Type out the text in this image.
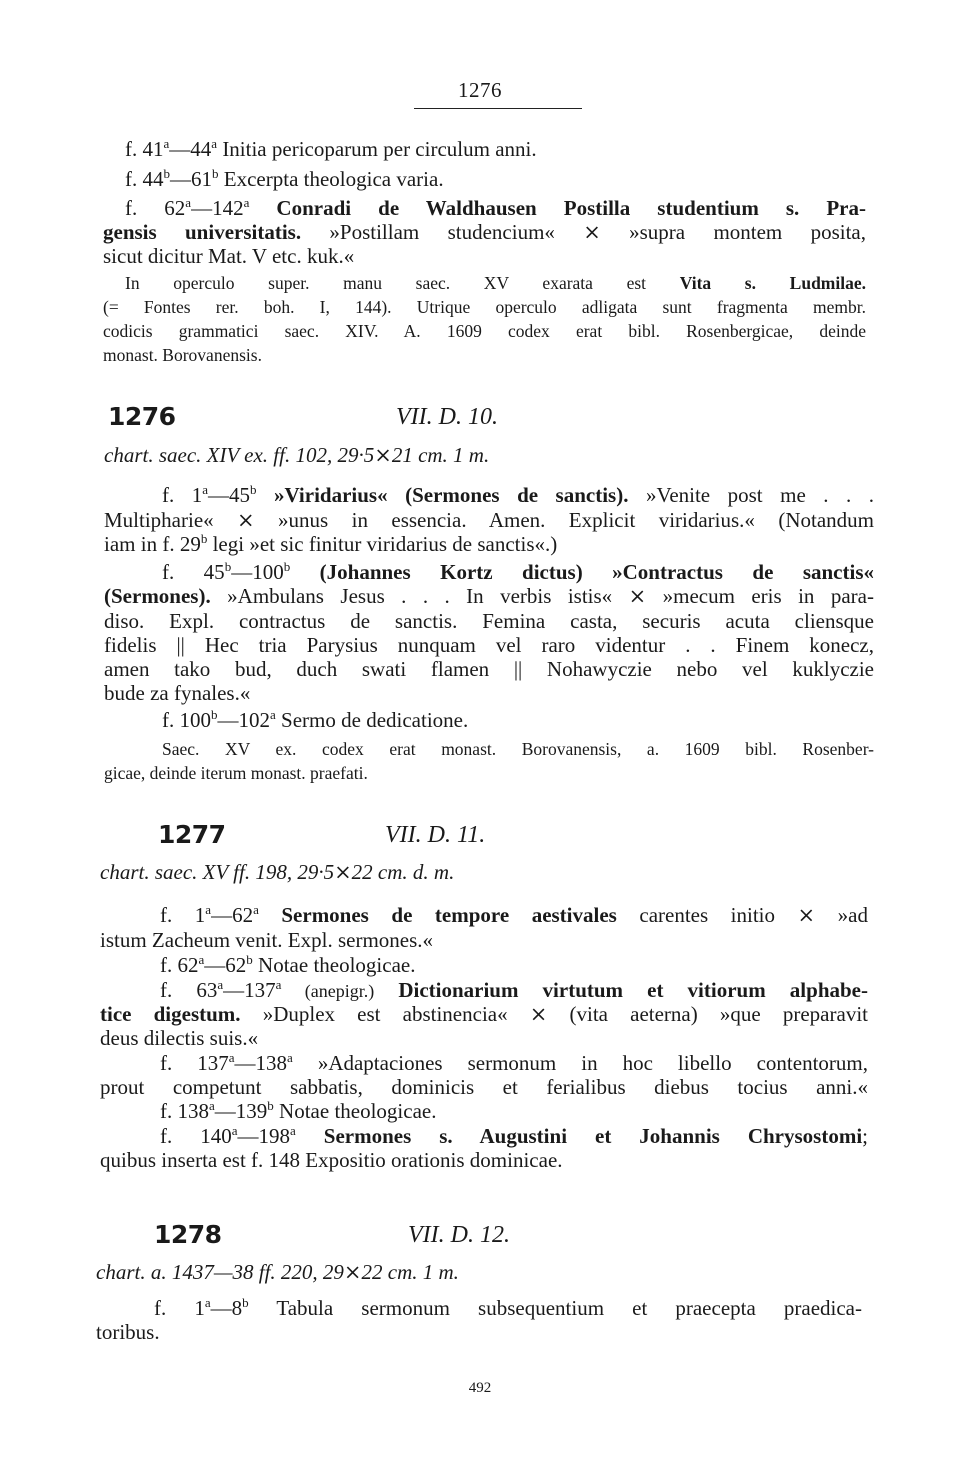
1276
f. 41$^a$—44$^a$ Initia pericoparum per circulum anni.
f. 44$^b$—61$^b$ Excerpta theologica varia.
f. 62$^a$—142$^a$ Conradi de Waldhausen Postilla studentium s. Pra-
gensis universitatis. »Postillam studencium« ⨯ »supra montem posita,
sicut dicitur Mat. V etc. kuk.«
In operculo super. manu saec. XV exarata est Vita s. Ludmilae.
(= Fontes rer. boh. I, 144). Utrique operculo adligata sunt fragmenta membr.
codicis grammatici saec. XIV. A. 1609 codex erat bibl. Rosenbergicae, deinde
monast. Borovanensis.
1276	VII. D. 10.
chart. saec. XIV ex. ff. 102, 29·5⨯21 cm. 1 m.
f. 1$^a$—45$^b$ »Viridarius« (Sermones de sanctis). »Venite post me . . .
Multipharie« ⨯ »unus in essencia. Amen. Explicit viridarius.« (Notandum
iam in f. 29$^b$ legi »et sic finitur viridarius de sanctis«.)
f. 45$^b$—100$^b$ (Johannes Kortz dictus) »Contractus de sanctis«
(Sermones). »Ambulans Jesus . . . In verbis istis« ⨯ »mecum eris in para-
diso. Expl. contractus de sanctis. Femina casta, securis acuta cliensque
fidelis || Hec tria Parysius nunquam vel raro videntur . . Finem konecz,
amen tako bud, duch swati flamen || Nohawyczie nebo vel kuklyczie
bude za fynales.«
f. 100$^b$—102$^a$ Sermo de dedicatione.
Saec. XV ex. codex erat monast. Borovanensis, a. 1609 bibl. Rosenber-
gicae, deinde iterum monast. praefati.
1277	VII. D. 11.
chart. saec. XV ff. 198, 29·5⨯22 cm. d. m.
f. 1$^a$—62$^a$ Sermones de tempore aestivales carentes initio ⨯ »ad
istum Zacheum venit. Expl. sermones.«
f. 62$^a$—62$^b$ Notae theologicae.
f. 63$^a$—137$^a$ (anepigr.) Dictionarium virtutum et vitiorum alphabe-
tice digestum. »Duplex est abstinencia« ⨯ (vita aeterna) »que preparavit
deus dilectis suis.«
f. 137$^a$—138$^a$ »Adaptaciones sermonum in hoc libello contentorum,
prout competunt sabbatis, dominicis et ferialibus diebus tocius anni.«
f. 138$^a$—139$^b$ Notae theologicae.
f. 140$^a$—198$^a$ Sermones s. Augustini et Johannis Chrysostomi;
quibus inserta est f. 148 Expositio orationis dominicae.
1278	VII. D. 12.
chart. a. 1437—38 ff. 220, 29⨯22 cm. 1 m.
f. 1$^a$—8$^b$ Tabula sermonum subsequentium et praecepta praedica-
toribus.
492
